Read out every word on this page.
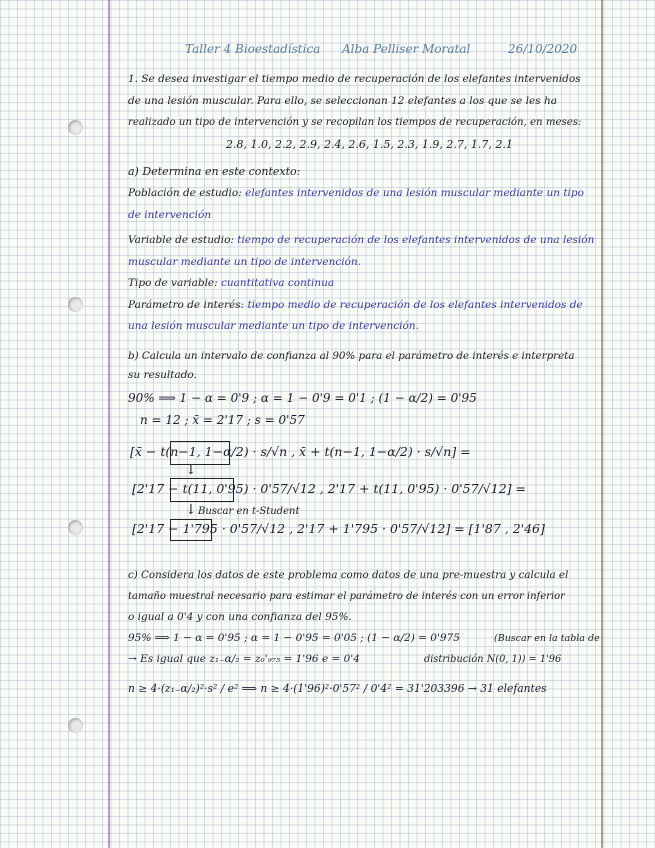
Taller 4 Bioestadística Alba Pelliser Moratal	26/10/2020
1. Se desea investigar el tiempo medio de recuperación de los elefantes intervenidos
de una lesión muscular. Para ello, se seleccionan 12 elefantes a los que se les ha
realizado un tipo de intervención y se recopilan los tiempos de recuperación, en meses:
2.8, 1.0, 2.2, 2.9, 2.4, 2.6, 1.5, 2.3, 1.9, 2.7, 1.7, 2.1
a) Determina en este contexto:
Población de estudio: elefantes intervenidos de una lesión muscular mediante un tipo
de intervención
Variable de estudio: tiempo de recuperación de los elefantes intervenidos de una lesión
muscular mediante un tipo de intervención.
Tipo de variable: cuantitativa continua
Parámetro de interés: tiempo medio de recuperación de los elefantes intervenidos de
una lesión muscular mediante un tipo de intervención.
b) Calcula un intervalo de confianza al 90% para el parámetro de interés e interpreta
su resultado.
90% ⟹ 1 − α = 0'9 ; α = 1 − 0'9 = 0'1 ; (1 − α/2) = 0'95
n = 12 ; x̄ = 2'17 ; s = 0'57
[x̄ − t(n−1, 1−α/2) · s/√n , x̄ + t(n−1, 1−α/2) · s/√n] =
↓
[2'17 − t(11, 0'95) · 0'57/√12 , 2'17 + t(11, 0'95) · 0'57/√12] =
↓ Buscar en t-Student
[2'17 − 1'795 · 0'57/√12 , 2'17 + 1'795 · 0'57/√12] = [1'87 , 2'46]
c) Considera los datos de este problema como datos de una pre-muestra y calcula el
tamaño muestral necesario para estimar el parámetro de interés con un error inferior
o igual a 0'4 y con una confianza del 95%.
95% ⟹ 1 − α = 0'95 ; α = 1 − 0'95 = 0'05 ; (1 − α/2) = 0'975	(Buscar en la tabla de
→ Es igual que z₁₋α/₂ = z₀'₉₇₅ = 1'96 e = 0'4	distribución N(0, 1)) = 1'96
n ≥ 4·(z₁₋α/₂)²·s² / e² ⟹ n ≥ 4·(1'96)²·0'57² / 0'4² = 31'203396 → 31 elefantes
